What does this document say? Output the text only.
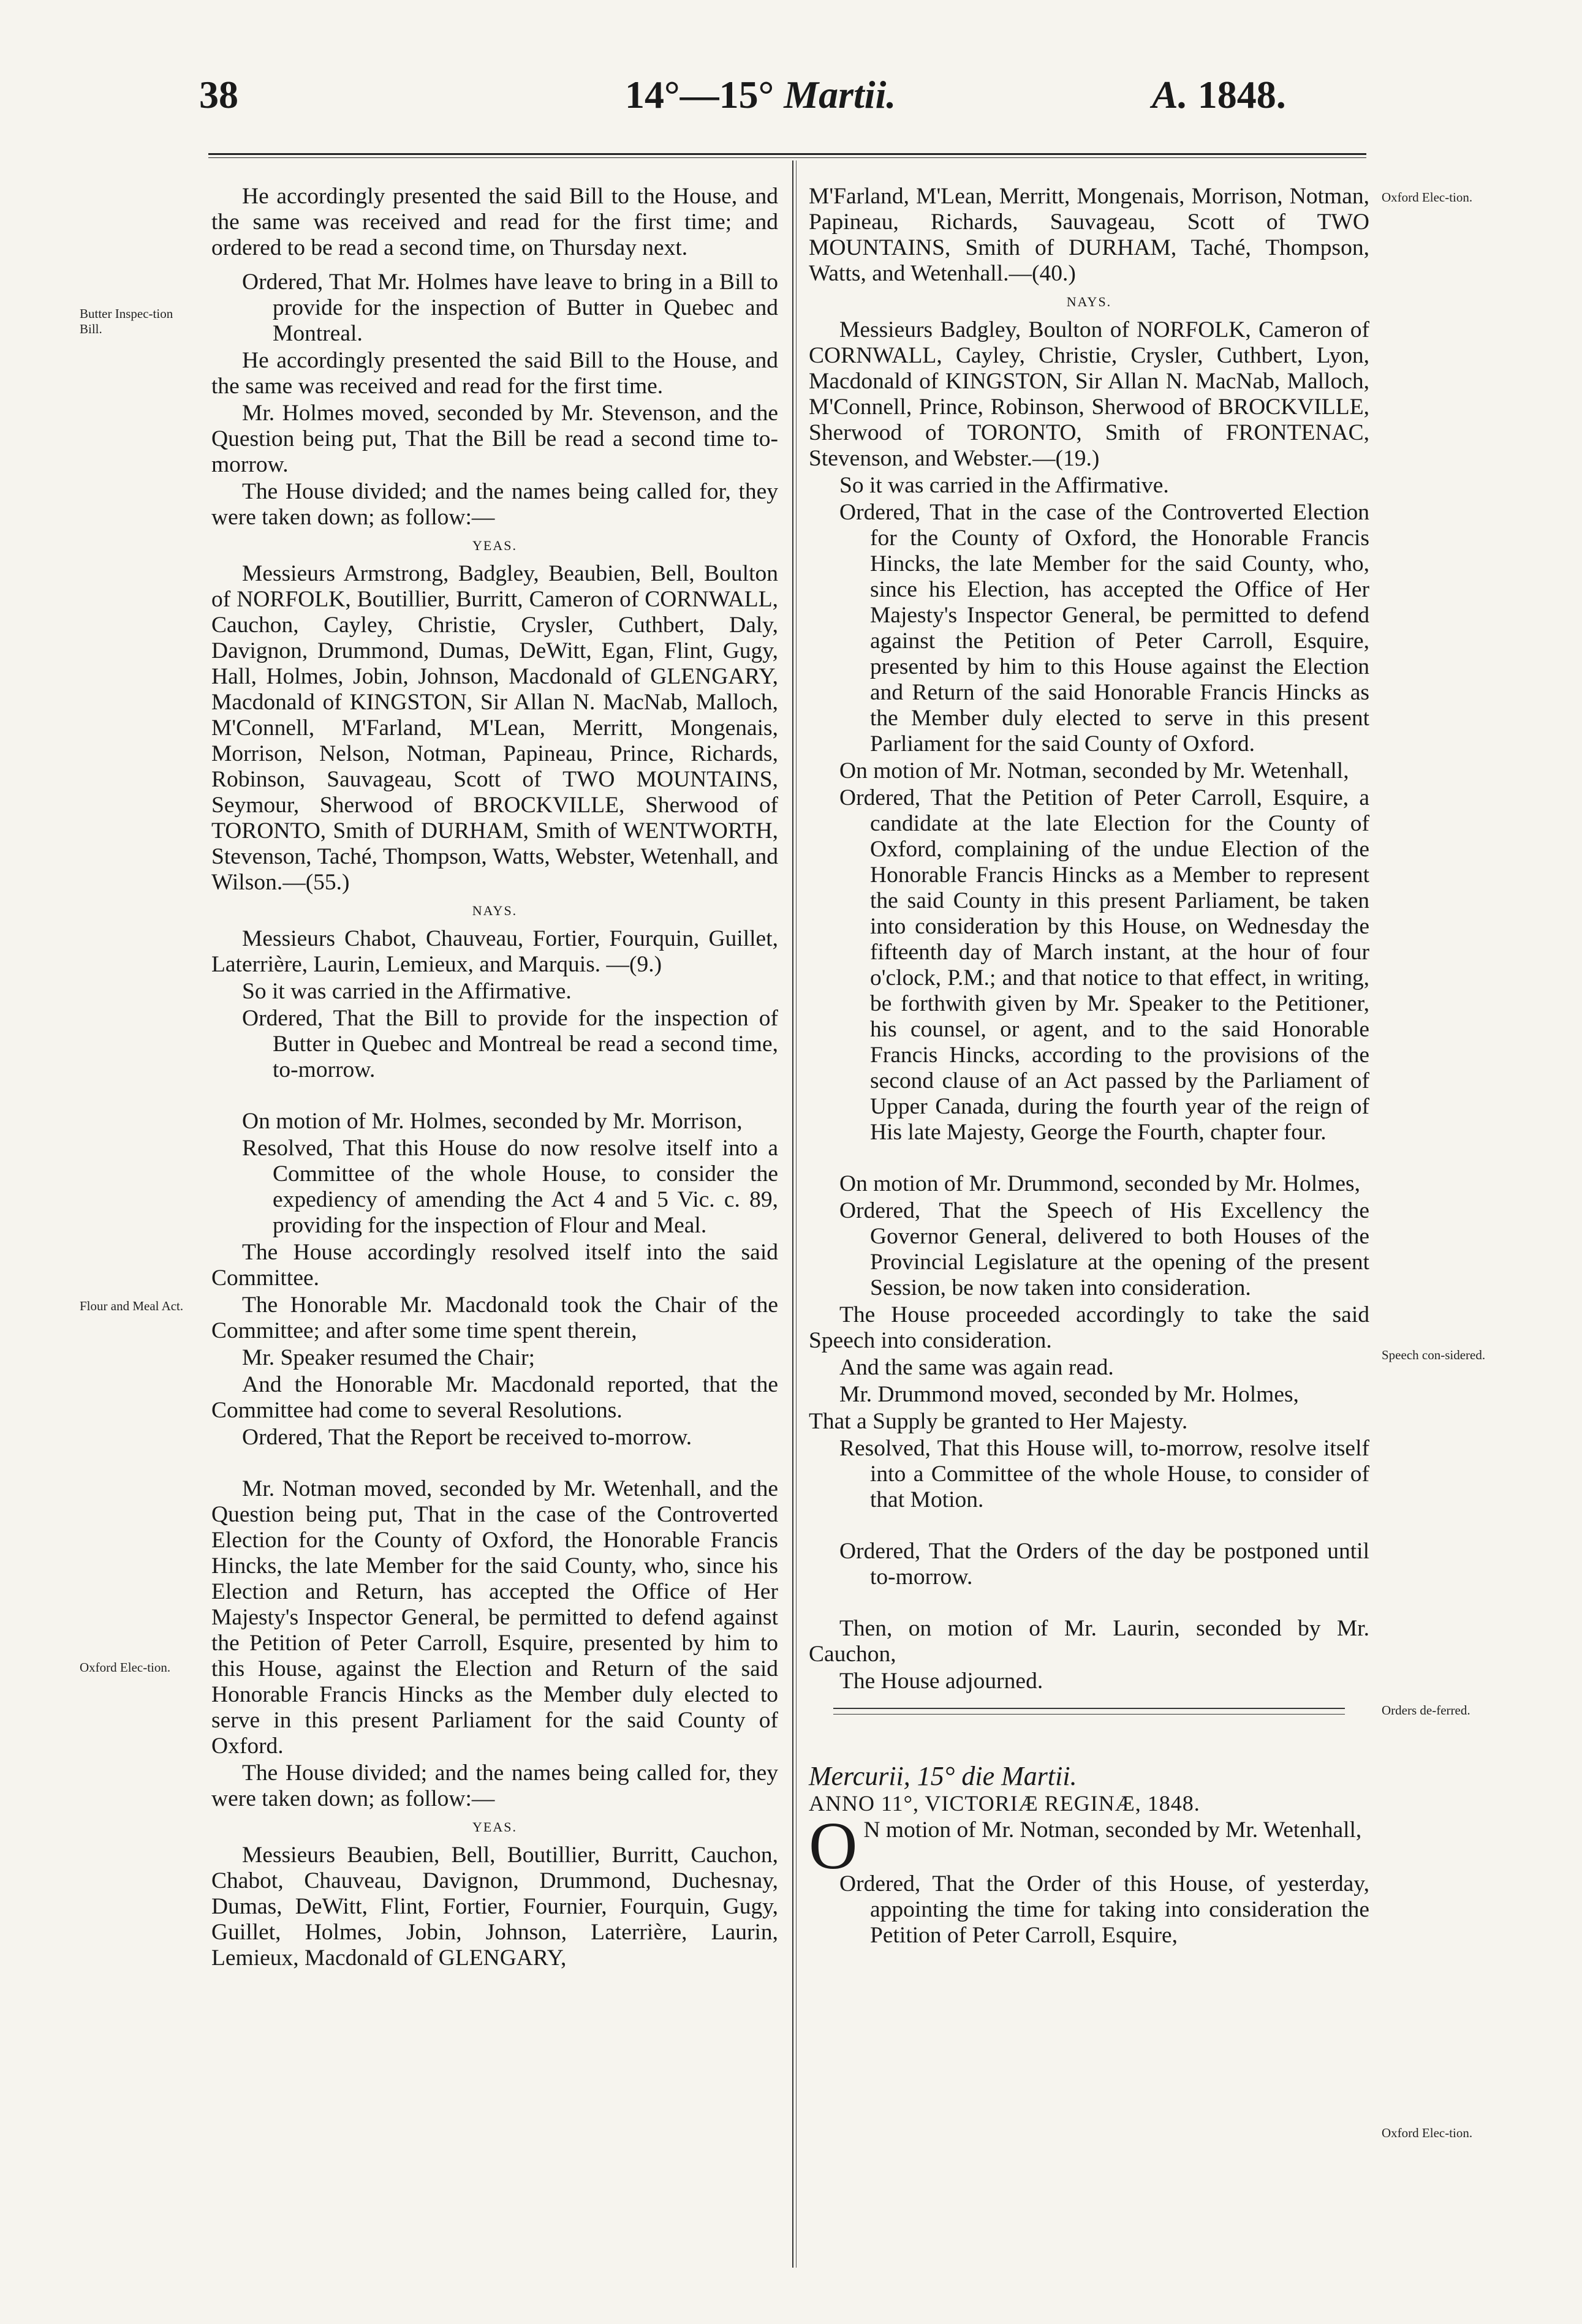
38	14°—15° Martii.	A. 1848.
Butter Inspec-tion Bill.
Flour and Meal Act.
Oxford Elec-tion.
Oxford Elec-tion.
Speech con-sidered.
Orders de-ferred.
Oxford Elec-tion.

He accordingly presented the said Bill to the House, and the same was received and read for the first time; and ordered to be read a second time, on Thursday next.

Ordered, That Mr. Holmes have leave to bring in a Bill to provide for the inspection of Butter in Quebec and Montreal.

He accordingly presented the said Bill to the House, and the same was received and read for the first time.

Mr. Holmes moved, seconded by Mr. Stevenson, and the Question being put, That the Bill be read a second time to-morrow.

The House divided; and the names being called for, they were taken down; as follow:—

YEAS.

Messieurs Armstrong, Badgley, Beaubien, Bell, Boulton of NORFOLK, Boutillier, Burritt, Cameron of CORNWALL, Cauchon, Cayley, Christie, Crysler, Cuthbert, Daly, Davignon, Drummond, Dumas, DeWitt, Egan, Flint, Gugy, Hall, Holmes, Jobin, Johnson, Macdonald of GLENGARY, Macdonald of KINGSTON, Sir Allan N. MacNab, Malloch, M'Connell, M'Farland, M'Lean, Merritt, Mongenais, Morrison, Nelson, Notman, Papineau, Prince, Richards, Robinson, Sauvageau, Scott of TWO MOUNTAINS, Seymour, Sherwood of BROCKVILLE, Sherwood of TORONTO, Smith of DURHAM, Smith of WENTWORTH, Stevenson, Taché, Thompson, Watts, Webster, Wetenhall, and Wilson.—(55.)

NAYS.

Messieurs Chabot, Chauveau, Fortier, Fourquin, Guillet, Laterrière, Laurin, Lemieux, and Marquis. —(9.)

So it was carried in the Affirmative.

Ordered, That the Bill to provide for the inspection of Butter in Quebec and Montreal be read a second time, to-morrow.

On motion of Mr. Holmes, seconded by Mr. Morrison,

Resolved, That this House do now resolve itself into a Committee of the whole House, to consider the expediency of amending the Act 4 and 5 Vic. c. 89, providing for the inspection of Flour and Meal.

The House accordingly resolved itself into the said Committee.

The Honorable Mr. Macdonald took the Chair of the Committee; and after some time spent therein,

Mr. Speaker resumed the Chair;

And the Honorable Mr. Macdonald reported, that the Committee had come to several Resolutions.

Ordered, That the Report be received to-morrow.

Mr. Notman moved, seconded by Mr. Wetenhall, and the Question being put, That in the case of the Controverted Election for the County of Oxford, the Honorable Francis Hincks, the late Member for the said County, who, since his Election and Return, has accepted the Office of Her Majesty's Inspector General, be permitted to defend against the Petition of Peter Carroll, Esquire, presented by him to this House, against the Election and Return of the said Honorable Francis Hincks as the Member duly elected to serve in this present Parliament for the said County of Oxford.

The House divided; and the names being called for, they were taken down; as follow:—

YEAS.

Messieurs Beaubien, Bell, Boutillier, Burritt, Cauchon, Chabot, Chauveau, Davignon, Drummond, Duchesnay, Dumas, DeWitt, Flint, Fortier, Fournier, Fourquin, Gugy, Guillet, Holmes, Jobin, Johnson, Laterrière, Laurin, Lemieux, Macdonald of GLENGARY,

M'Farland, M'Lean, Merritt, Mongenais, Morrison, Notman, Papineau, Richards, Sauvageau, Scott of TWO MOUNTAINS, Smith of DURHAM, Taché, Thompson, Watts, and Wetenhall.—(40.)

NAYS.

Messieurs Badgley, Boulton of NORFOLK, Cameron of CORNWALL, Cayley, Christie, Crysler, Cuthbert, Lyon, Macdonald of KINGSTON, Sir Allan N. MacNab, Malloch, M'Connell, Prince, Robinson, Sherwood of BROCKVILLE, Sherwood of TORONTO, Smith of FRONTENAC, Stevenson, and Webster.—(19.)

So it was carried in the Affirmative.

Ordered, That in the case of the Controverted Election for the County of Oxford, the Honorable Francis Hincks, the late Member for the said County, who, since his Election, has accepted the Office of Her Majesty's Inspector General, be permitted to defend against the Petition of Peter Carroll, Esquire, presented by him to this House against the Election and Return of the said Honorable Francis Hincks as the Member duly elected to serve in this present Parliament for the said County of Oxford.

On motion of Mr. Notman, seconded by Mr. Wetenhall,

Ordered, That the Petition of Peter Carroll, Esquire, a candidate at the late Election for the County of Oxford, complaining of the undue Election of the Honorable Francis Hincks as a Member to represent the said County in this present Parliament, be taken into consideration by this House, on Wednesday the fifteenth day of March instant, at the hour of four o'clock, P.M.; and that notice to that effect, in writing, be forthwith given by Mr. Speaker to the Petitioner, his counsel, or agent, and to the said Honorable Francis Hincks, according to the provisions of the second clause of an Act passed by the Parliament of Upper Canada, during the fourth year of the reign of His late Majesty, George the Fourth, chapter four.

On motion of Mr. Drummond, seconded by Mr. Holmes,

Ordered, That the Speech of His Excellency the Governor General, delivered to both Houses of the Provincial Legislature at the opening of the present Session, be now taken into consideration.

The House proceeded accordingly to take the said Speech into consideration.

And the same was again read.

Mr. Drummond moved, seconded by Mr. Holmes,

That a Supply be granted to Her Majesty.

Resolved, That this House will, to-morrow, resolve itself into a Committee of the whole House, to consider of that Motion.

Ordered, That the Orders of the day be postponed until to-morrow.

Then, on motion of Mr. Laurin, seconded by Mr. Cauchon,

The House adjourned.

Mercurii, 15° die Martii.

ANNO 11°, VICTORIÆ REGINÆ, 1848.

O N motion of Mr. Notman, seconded by Mr. Wetenhall,

Ordered, That the Order of this House, of yesterday, appointing the time for taking into consideration the Petition of Peter Carroll, Esquire,
